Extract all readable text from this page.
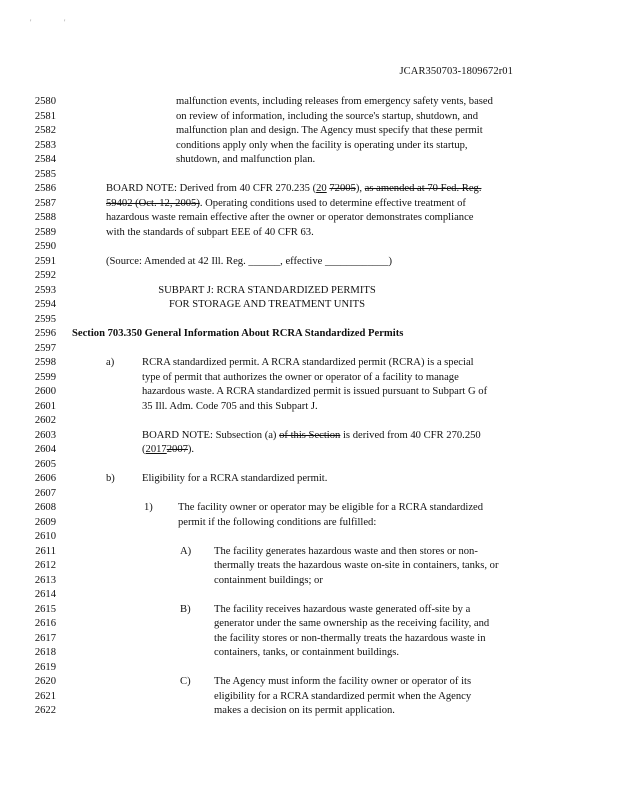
'	'
JCAR350703-1809672r01
2580	malfunction events, including releases from emergency safety vents, based
2581	on review of information, including the source's startup, shutdown, and
2582	malfunction plan and design. The Agency must specify that these permit
2583	conditions apply only when the facility is operating under its startup,
2584	shutdown, and malfunction plan.
2585
2586	BOARD NOTE: Derived from 40 CFR 270.235 (20 72005), as amended at 70 Fed. Reg.
2587	59402 (Oct. 12, 2005). Operating conditions used to determine effective treatment of
2588	hazardous waste remain effective after the owner or operator demonstrates compliance
2589	with the standards of subpart EEE of 40 CFR 63.
2590
2591	(Source: Amended at 42 Ill. Reg. ______, effective ____________)
2592
2593	SUBPART J: RCRA STANDARDIZED PERMITS
2594	FOR STORAGE AND TREATMENT UNITS
2595
2596 Section 703.350 General Information About RCRA Standardized Permits
2597
2598	a)	RCRA standardized permit. A RCRA standardized permit (RCRA) is a special
2599	type of permit that authorizes the owner or operator of a facility to manage
2600	hazardous waste. A RCRA standardized permit is issued pursuant to Subpart G of
2601	35 Ill. Adm. Code 705 and this Subpart J.
2602
2603	BOARD NOTE: Subsection (a) of this Section is derived from 40 CFR 270.250
2604	(20172007).
2605
2606	b)	Eligibility for a RCRA standardized permit.
2607
2608	1) The facility owner or operator may be eligible for a RCRA standardized
2609	permit if the following conditions are fulfilled:
2610
2611	A) The facility generates hazardous waste and then stores or non-
2612	thermally treats the hazardous waste on-site in containers, tanks, or
2613	containment buildings; or
2614
2615	B) The facility receives hazardous waste generated off-site by a
2616	generator under the same ownership as the receiving facility, and
2617	the facility stores or non-thermally treats the hazardous waste in
2618	containers, tanks, or containment buildings.
2619
2620	C) The Agency must inform the facility owner or operator of its
2621	eligibility for a RCRA standardized permit when the Agency
2622	makes a decision on its permit application.
